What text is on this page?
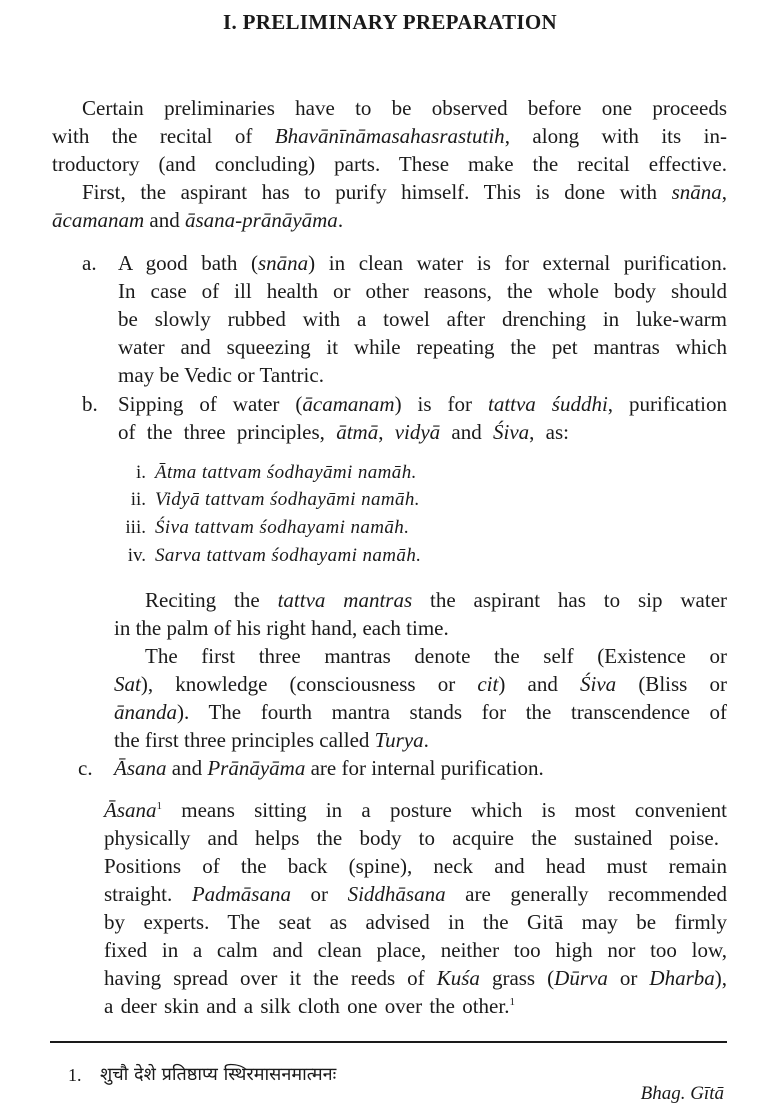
I. PRELIMINARY PREPARATION
Certain preliminaries have to be observed before one proceeds
with the recital of Bhavānīnāmasahasrastutih, along with its in-
troductory (and concluding) parts. These make the recital effective.
First, the aspirant has to purify himself. This is done with snāna,
ācamanam and āsana-prānāyāma.
a. A good bath (snāna) in clean water is for external purification.
In case of ill health or other reasons, the whole body should
be slowly rubbed with a towel after drenching in luke-warm
water and squeezing it while repeating the pet mantras which
may be Vedic or Tantric.
b. Sipping of water (ācamanam) is for tattva śuddhi, purification
of the three principles, ātmā, vidyā and Śiva, as:
i. Ātma tattvam śodhayāmi namāh.
ii. Vidyā tattvam śodhayāmi namāh.
iii. Śiva tattvam śodhayami namāh.
iv. Sarva tattvam śodhayami namāh.
Reciting the tattva mantras the aspirant has to sip water
in the palm of his right hand, each time.
The first three mantras denote the self (Existence or
Sat), knowledge (consciousness or cit) and Śiva (Bliss or
ānanda). The fourth mantra stands for the transcendence of
the first three principles called Turya.
c. Āsana and Prānāyāma are for internal purification.
Āsana$^1$ means sitting in a posture which is most convenient
physically and helps the body to acquire the sustained poise.
Positions of the back (spine), neck and head must remain
straight. Padmāsana or Siddhāsana are generally recommended
by experts. The seat as advised in the Gitā may be firmly
fixed in a calm and clean place, neither too high nor too low,
having spread over it the reeds of Kuśa grass (Dūrva or Dharba),
a deer skin and a silk cloth one over the other.$^1$
1. शुचौ देशे प्रतिष्ठाप्य स्थिरमासनमात्मनः
Bhag. Gītā
